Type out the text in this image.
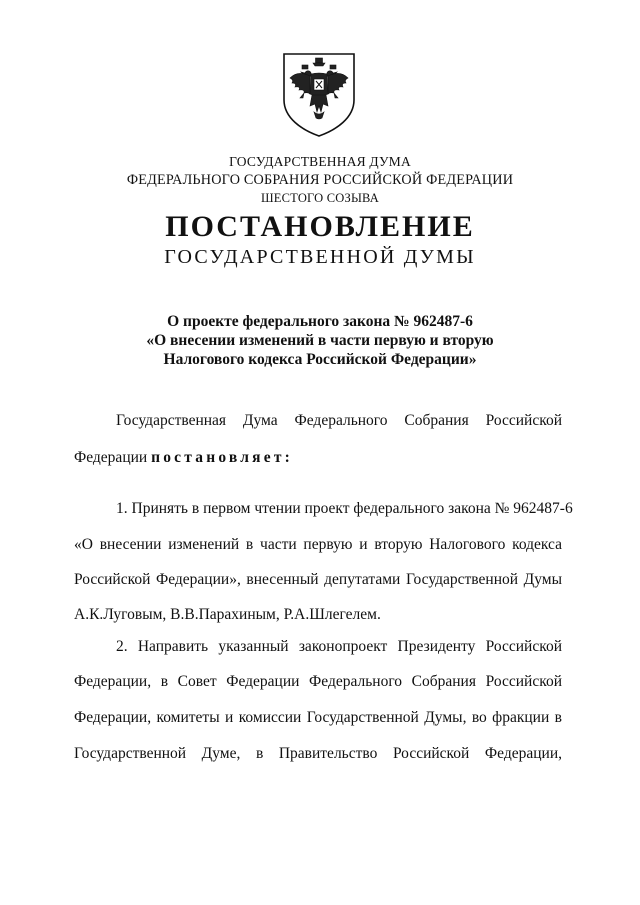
ГОСУДАРСТВЕННАЯ ДУМА
ФЕДЕРАЛЬНОГО СОБРАНИЯ РОССИЙСКОЙ ФЕДЕРАЦИИ
ШЕСТОГО СОЗЫВА
ПОСТАНОВЛЕНИЕ
ГОСУДАРСТВЕННОЙ ДУМЫ
О проекте федерального закона № 962487-6
«О внесении изменений в части первую и вторую
Налогового кодекса Российской Федерации»
Государственная Дума Федерального Собрания Российской
Федерации постановляет:
1. Принять в первом чтении проект федерального закона № 962487-6
«О внесении изменений в части первую и вторую Налогового кодекса
Российской Федерации», внесенный депутатами Государственной Думы
А.К.Луговым, В.В.Парахиным, Р.А.Шлегелем.
2. Направить указанный законопроект Президенту Российской
Федерации, в Совет Федерации Федерального Собрания Российской
Федерации, комитеты и комиссии Государственной Думы, во фракции в
Государственной Думе, в Правительство Российской Федерации,
